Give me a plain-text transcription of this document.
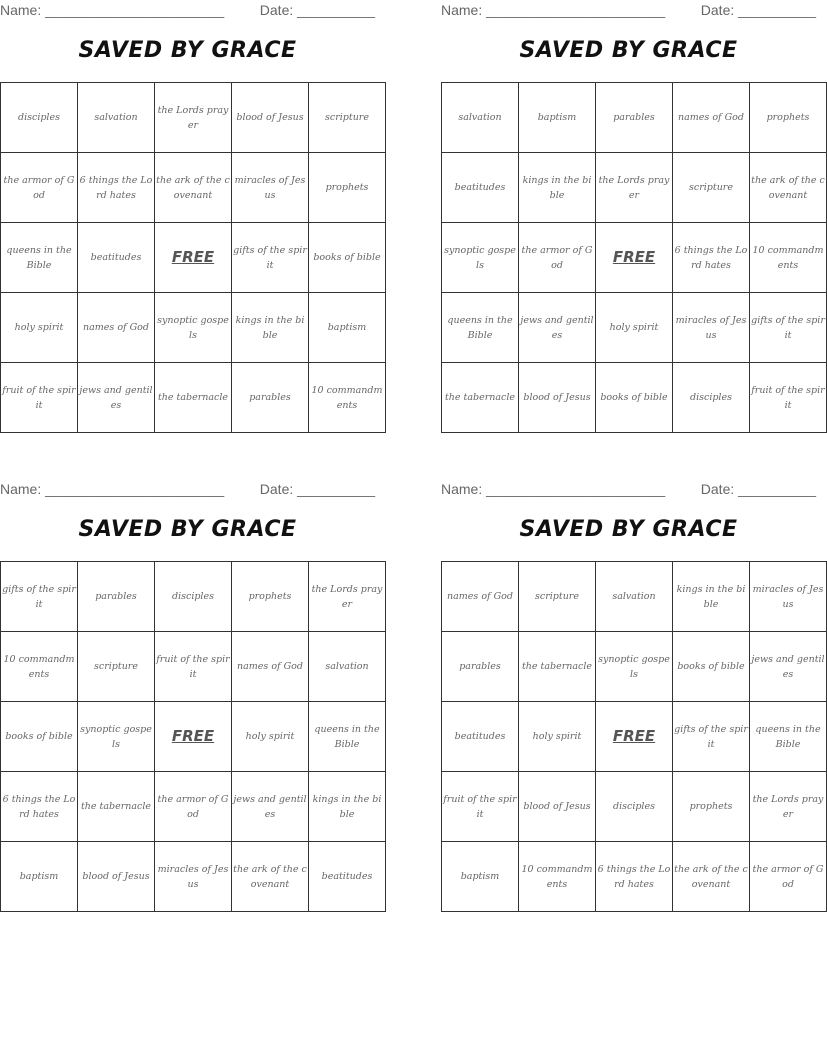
Name: _______________________	Date: __________
SAVED BY GRACE
disciples	salvation	the Lords prayer	blood of Jesus	scripture
the armor of God	6 things the Lord hates	the ark of the covenant	miracles of Jesus	prophets
queens in the Bible	beatitudes	FREE	gifts of the spirit	books of bible
holy spirit	names of God	synoptic gospels	kings in the bible	baptism
fruit of the spirit	jews and gentiles	the tabernacle	parables	10 commandments
Name: _______________________	Date: __________
SAVED BY GRACE
salvation	baptism	parables	names of God	prophets
beatitudes	kings in the bible	the Lords prayer	scripture	the ark of the covenant
synoptic gospels	the armor of God	FREE	6 things the Lord hates	10 commandments
queens in the Bible	jews and gentiles	holy spirit	miracles of Jesus	gifts of the spirit
the tabernacle	blood of Jesus	books of bible	disciples	fruit of the spirit
Name: _______________________	Date: __________
SAVED BY GRACE
gifts of the spirit	parables	disciples	prophets	the Lords prayer
10 commandments	scripture	fruit of the spirit	names of God	salvation
books of bible	synoptic gospels	FREE	holy spirit	queens in the Bible
6 things the Lord hates	the tabernacle	the armor of God	jews and gentiles	kings in the bible
baptism	blood of Jesus	miracles of Jesus	the ark of the covenant	beatitudes
Name: _______________________	Date: __________
SAVED BY GRACE
names of God	scripture	salvation	kings in the bible	miracles of Jesus
parables	the tabernacle	synoptic gospels	books of bible	jews and gentiles
beatitudes	holy spirit	FREE	gifts of the spirit	queens in the Bible
fruit of the spirit	blood of Jesus	disciples	prophets	the Lords prayer
baptism	10 commandments	6 things the Lord hates	the ark of the covenant	the armor of God
